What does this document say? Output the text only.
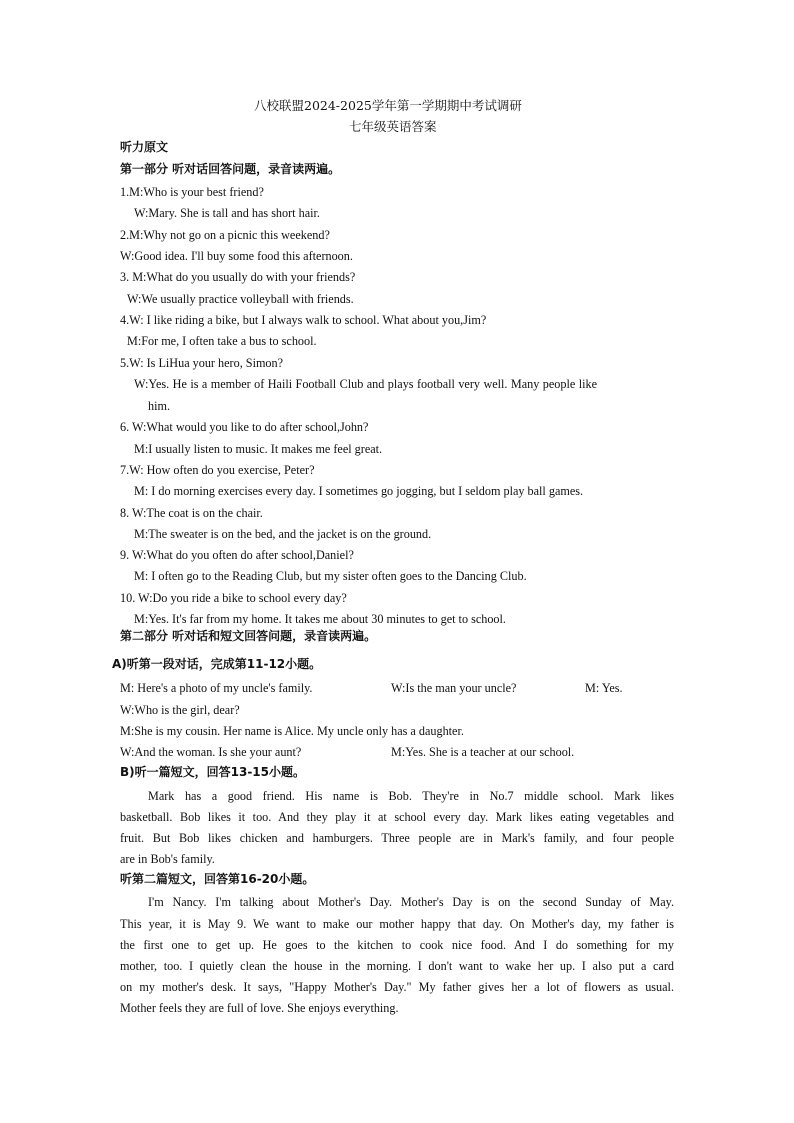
八校联盟2024-2025学年第一学期期中考试调研
七年级英语答案
听力原文
第一部分 听对话回答问题，录音读两遍。
1.M:Who is your best friend?
W:Mary. She is tall and has short hair.
2.M:Why not go on a picnic this weekend?
W:Good idea. I'll buy some food this afternoon.
3. M:What do you usually do with your friends?
W:We usually practice volleyball with friends.
4.W: I like riding a bike, but I always walk to school. What about you,Jim?
M:For me, I often take a bus to school.
5.W: Is LiHua your hero, Simon?
W:Yes. He is a member of Haili Football Club and plays football very well. Many people like
him.
6. W:What would you like to do after school,John?
M:I usually listen to music. It makes me feel great.
7.W: How often do you exercise, Peter?
M: I do morning exercises every day. I sometimes go jogging, but I seldom play ball games.
8. W:The coat is on the chair.
M:The sweater is on the bed, and the jacket is on the ground.
9. W:What do you often do after school,Daniel?
M: I often go to the Reading Club, but my sister often goes to the Dancing Club.
10. W:Do you ride a bike to school every day?
M:Yes. It's far from my home. It takes me about 30 minutes to get to school.
第二部分 听对话和短文回答问题，录音读两遍。
A)听第一段对话，完成第11-12小题。
M: Here's a photo of my uncle's family.	W:Is the man your uncle?	M: Yes.
W:Who is the girl, dear?
M:She is my cousin. Her name is Alice. My uncle only has a daughter.
W:And the woman. Is she your aunt?	M:Yes. She is a teacher at our school.
B)听一篇短文，回答13-15小题。
Mark has a good friend. His name is Bob. They're in No.7 middle school. Mark likes
basketball. Bob likes it too. And they play it at school every day. Mark likes eating vegetables and
fruit. But Bob likes chicken and hamburgers. Three people are in Mark's family, and four people
are in Bob's family.
听第二篇短文，回答第16-20小题。
I'm Nancy. I'm talking about Mother's Day. Mother's Day is on the second Sunday of May.
This year, it is May 9. We want to make our mother happy that day. On Mother's day, my father is
the first one to get up. He goes to the kitchen to cook nice food. And I do something for my
mother, too. I quietly clean the house in the morning. I don't want to wake her up. I also put a card
on my mother's desk. It says, "Happy Mother's Day." My father gives her a lot of flowers as usual.
Mother feels they are full of love. She enjoys everything.
